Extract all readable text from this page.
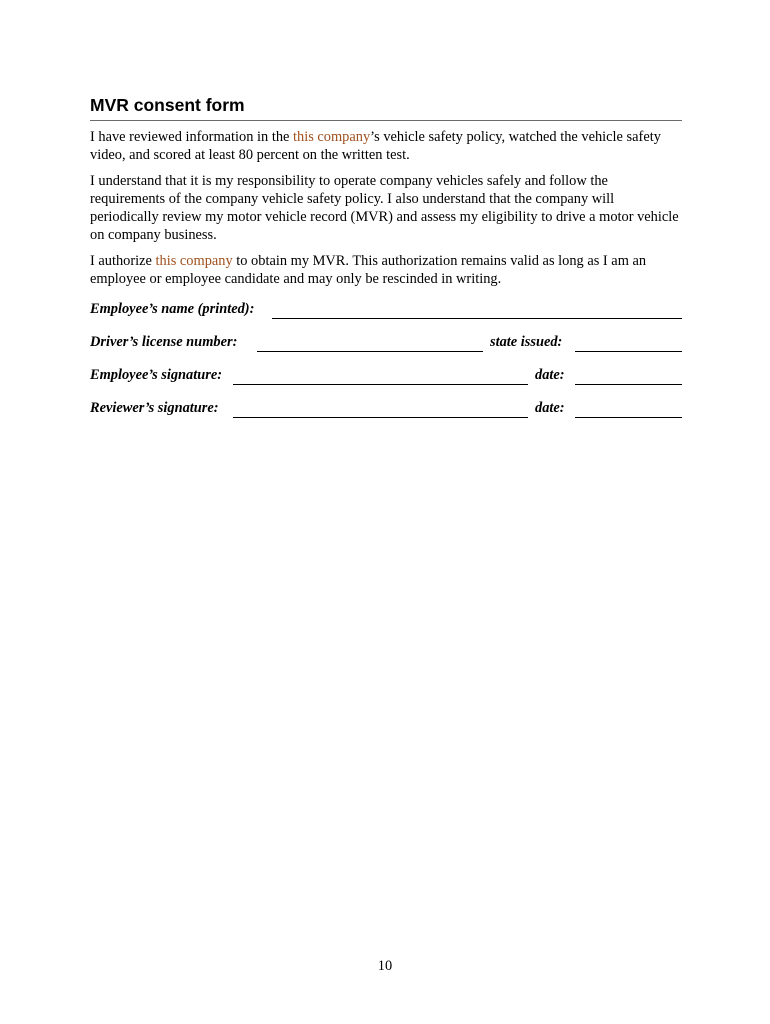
MVR consent form

I have reviewed information in the this company’s vehicle safety policy, watched the vehicle safety video, and scored at least 80 percent on the written test.

I understand that it is my responsibility to operate company vehicles safely and follow the requirements of the company vehicle safety policy. I also understand that the company will periodically review my motor vehicle record (MVR) and assess my eligibility to drive a motor vehicle on company business.

I authorize this company to obtain my MVR. This authorization remains valid as long as I am an employee or employee candidate and may only be rescinded in writing.

Employee’s name (printed):
Driver’s license number:	state issued:
Employee’s signature:	date:
Reviewer’s signature:	date:
10
